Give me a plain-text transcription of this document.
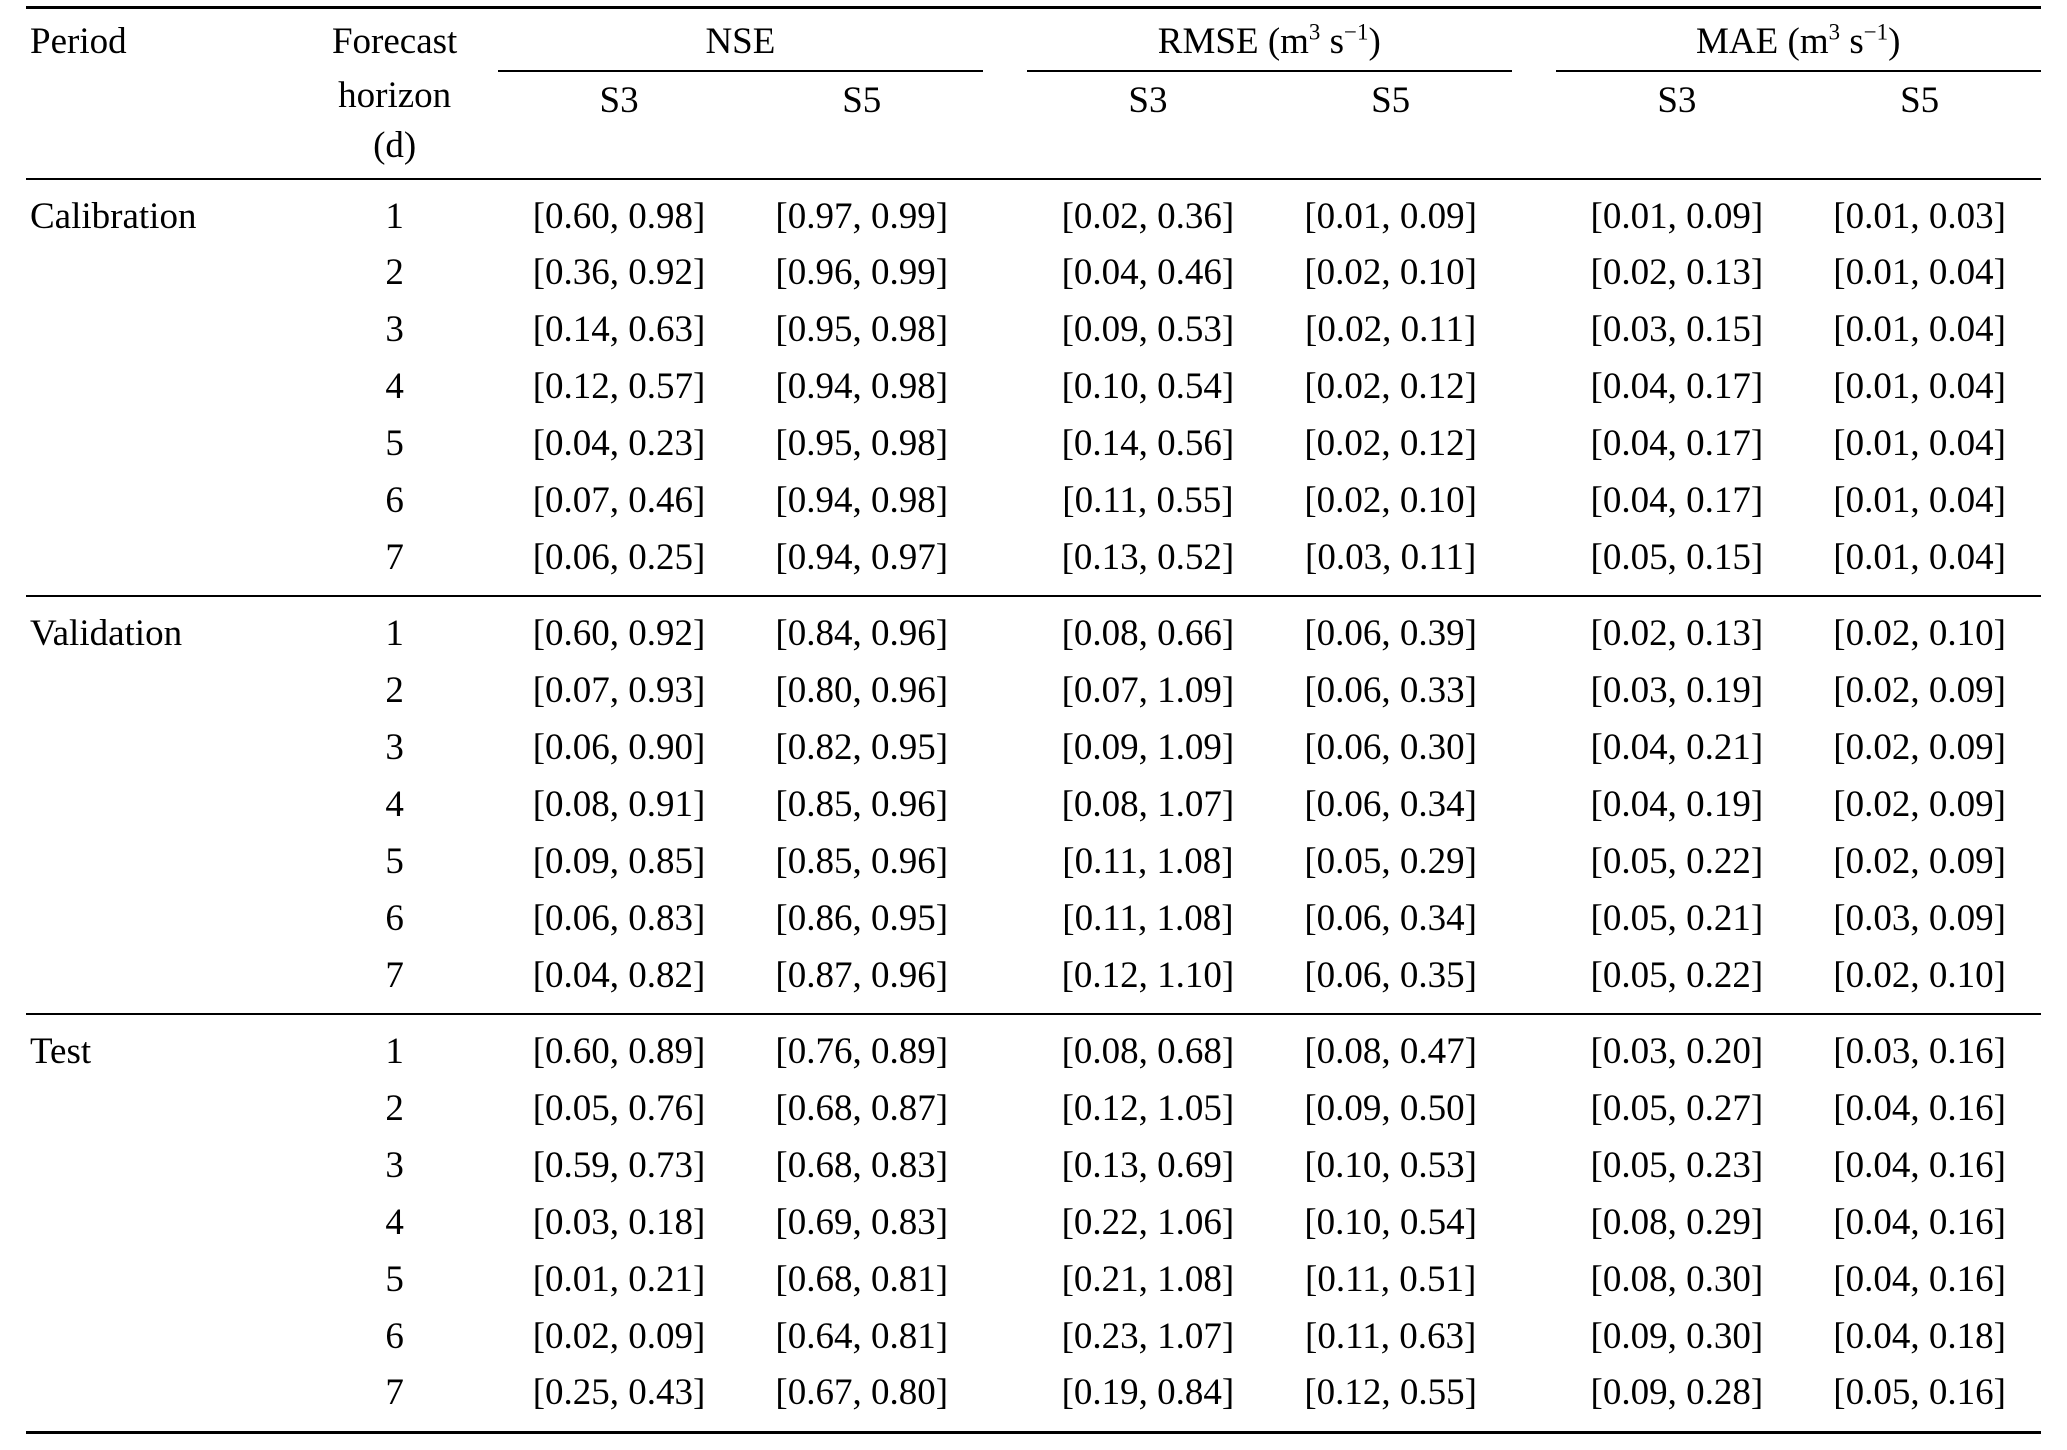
Period	Forecast	NSE			RMSE ($m^3$ $s^{-1}$)			MAE ($m^3$ $s^{-1}$)	

	horizon	S3	S5		S3	S5		S3	S5
	(d)								
Calibration	1	[0.60, 0.98]	[0.97, 0.99]		[0.02, 0.36]	[0.01, 0.09]		[0.01, 0.09]	[0.01, 0.03]
	2	[0.36, 0.92]	[0.96, 0.99]		[0.04, 0.46]	[0.02, 0.10]		[0.02, 0.13]	[0.01, 0.04]
	3	[0.14, 0.63]	[0.95, 0.98]		[0.09, 0.53]	[0.02, 0.11]		[0.03, 0.15]	[0.01, 0.04]
	4	[0.12, 0.57]	[0.94, 0.98]		[0.10, 0.54]	[0.02, 0.12]		[0.04, 0.17]	[0.01, 0.04]
	5	[0.04, 0.23]	[0.95, 0.98]		[0.14, 0.56]	[0.02, 0.12]		[0.04, 0.17]	[0.01, 0.04]
	6	[0.07, 0.46]	[0.94, 0.98]		[0.11, 0.55]	[0.02, 0.10]		[0.04, 0.17]	[0.01, 0.04]
	7	[0.06, 0.25]	[0.94, 0.97]		[0.13, 0.52]	[0.03, 0.11]		[0.05, 0.15]	[0.01, 0.04]
Validation	1	[0.60, 0.92]	[0.84, 0.96]		[0.08, 0.66]	[0.06, 0.39]		[0.02, 0.13]	[0.02, 0.10]
	2	[0.07, 0.93]	[0.80, 0.96]		[0.07, 1.09]	[0.06, 0.33]		[0.03, 0.19]	[0.02, 0.09]
	3	[0.06, 0.90]	[0.82, 0.95]		[0.09, 1.09]	[0.06, 0.30]		[0.04, 0.21]	[0.02, 0.09]
	4	[0.08, 0.91]	[0.85, 0.96]		[0.08, 1.07]	[0.06, 0.34]		[0.04, 0.19]	[0.02, 0.09]
	5	[0.09, 0.85]	[0.85, 0.96]		[0.11, 1.08]	[0.05, 0.29]		[0.05, 0.22]	[0.02, 0.09]
	6	[0.06, 0.83]	[0.86, 0.95]		[0.11, 1.08]	[0.06, 0.34]		[0.05, 0.21]	[0.03, 0.09]
	7	[0.04, 0.82]	[0.87, 0.96]		[0.12, 1.10]	[0.06, 0.35]		[0.05, 0.22]	[0.02, 0.10]
Test	1	[0.60, 0.89]	[0.76, 0.89]		[0.08, 0.68]	[0.08, 0.47]		[0.03, 0.20]	[0.03, 0.16]
	2	[0.05, 0.76]	[0.68, 0.87]		[0.12, 1.05]	[0.09, 0.50]		[0.05, 0.27]	[0.04, 0.16]
	3	[0.59, 0.73]	[0.68, 0.83]		[0.13, 0.69]	[0.10, 0.53]		[0.05, 0.23]	[0.04, 0.16]
	4	[0.03, 0.18]	[0.69, 0.83]		[0.22, 1.06]	[0.10, 0.54]		[0.08, 0.29]	[0.04, 0.16]
	5	[0.01, 0.21]	[0.68, 0.81]		[0.21, 1.08]	[0.11, 0.51]		[0.08, 0.30]	[0.04, 0.16]
	6	[0.02, 0.09]	[0.64, 0.81]		[0.23, 1.07]	[0.11, 0.63]		[0.09, 0.30]	[0.04, 0.18]
	7	[0.25, 0.43]	[0.67, 0.80]		[0.19, 0.84]	[0.12, 0.55]		[0.09, 0.28]	[0.05, 0.16]
